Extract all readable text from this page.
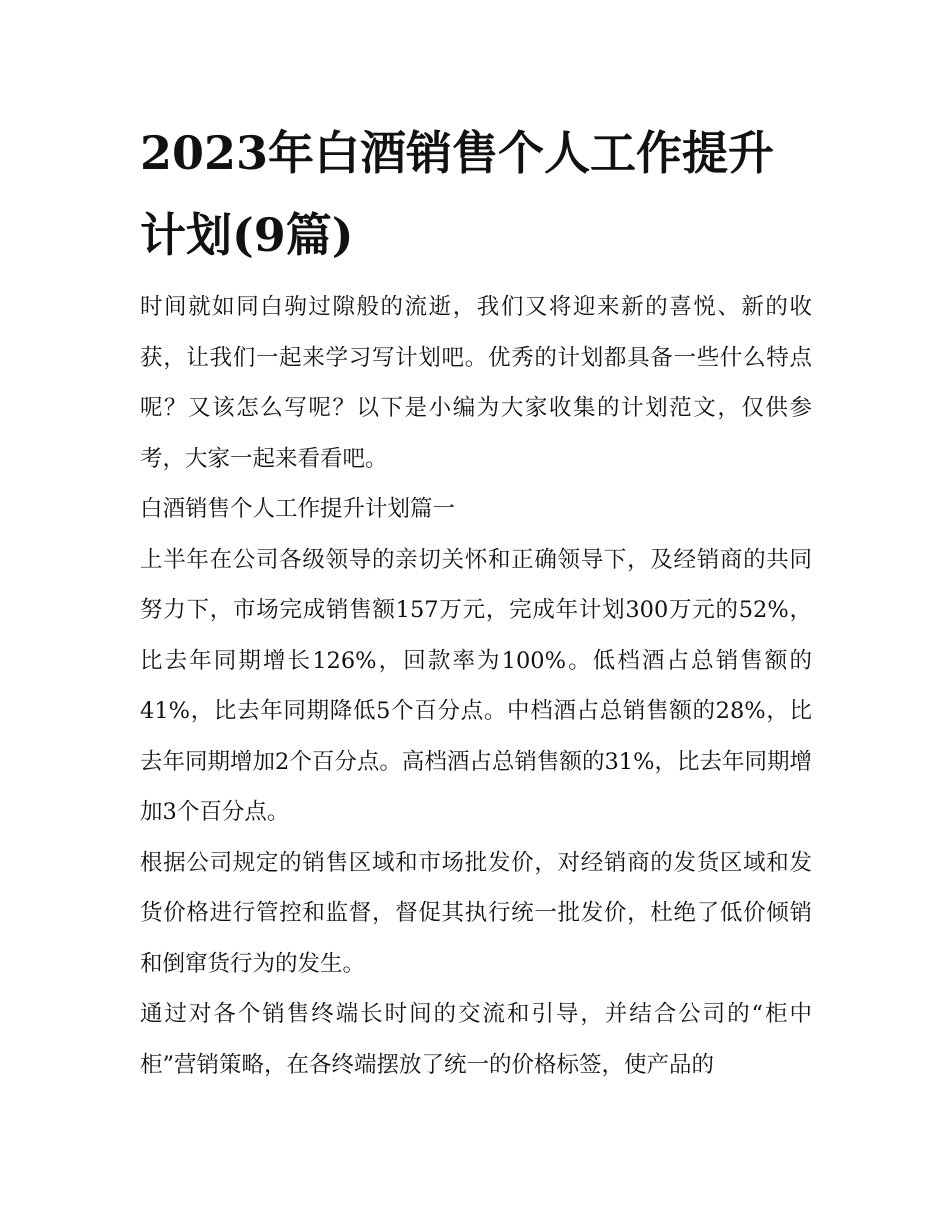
2023年白酒销售个人工作提升计划(9篇)

时间就如同白驹过隙般的流逝，我们又将迎来新的喜悦、新的收获，让我们一起来学习写计划吧。优秀的计划都具备一些什么特点呢？又该怎么写呢？以下是小编为大家收集的计划范文，仅供参考，大家一起来看看吧。

白酒销售个人工作提升计划篇一

上半年在公司各级领导的亲切关怀和正确领导下，及经销商的共同努力下，市场完成销售额157万元，完成年计划300万元的52%，比去年同期增长126%，回款率为100%。低档酒占总销售额的41%，比去年同期降低5个百分点。中档酒占总销售额的28%，比去年同期增加2个百分点。高档酒占总销售额的31%，比去年同期增加3个百分点。

根据公司规定的销售区域和市场批发价，对经销商的发货区域和发货价格进行管控和监督，督促其执行统一批发价，杜绝了低价倾销和倒窜货行为的发生。

通过对各个销售终端长时间的交流和引导，并结合公司的“柜中柜”营销策略，在各终端摆放了统一的价格标签，使产品的
